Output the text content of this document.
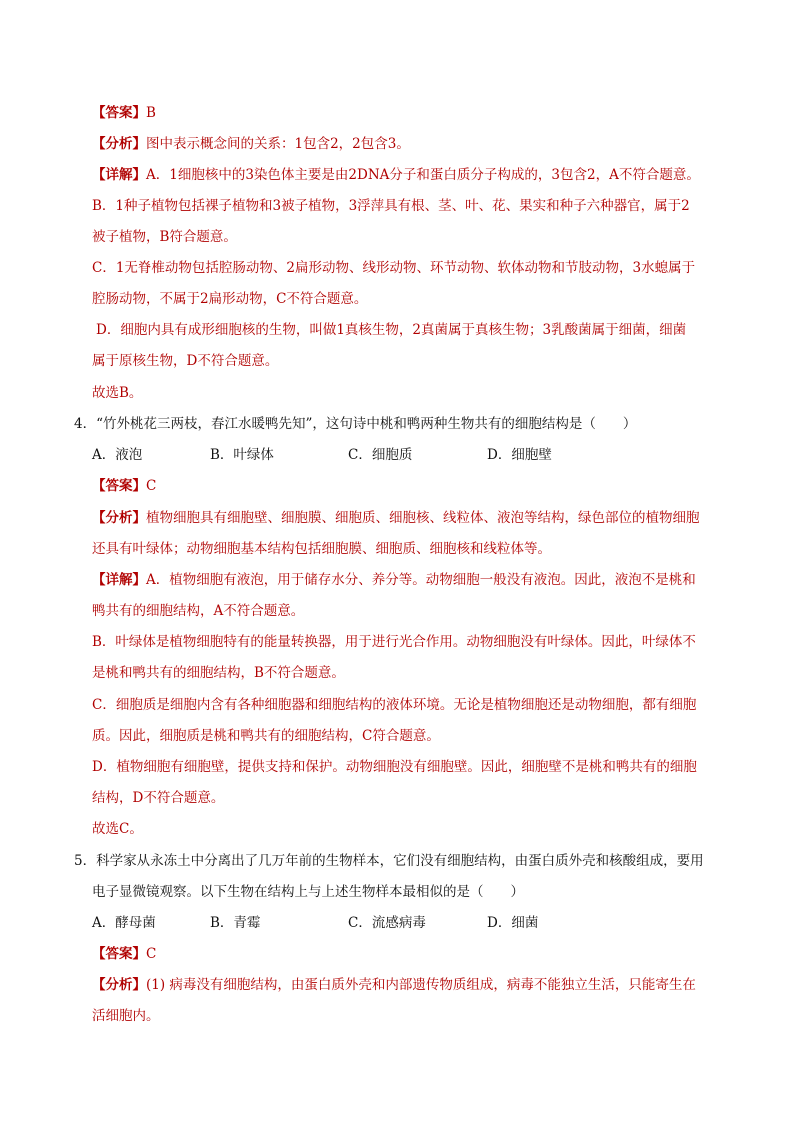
【答案】B
【分析】图中表示概念间的关系：1包含2，2包含3。
【详解】A．1细胞核中的3染色体主要是由2DNA分子和蛋白质分子构成的，3包含2，A不符合题意。
B．1种子植物包括裸子植物和3被子植物，3浮萍具有根、茎、叶、花、果实和种子六种器官，属于2
被子植物，B符合题意。
C．1无脊椎动物包括腔肠动物、2扁形动物、线形动物、环节动物、软体动物和节肢动物，3水螅属于
腔肠动物，不属于2扁形动物，C不符合题意。
D．细胞内具有成形细胞核的生物，叫做1真核生物，2真菌属于真核生物；3乳酸菌属于细菌，细菌
属于原核生物，D不符合题意。
故选B。
4．“竹外桃花三两枝，春江水暖鸭先知”，这句诗中桃和鸭两种生物共有的细胞结构是（　　）
A．液泡	B．叶绿体	C．细胞质	D．细胞壁
【答案】C
【分析】植物细胞具有细胞壁、细胞膜、细胞质、细胞核、线粒体、液泡等结构，绿色部位的植物细胞
还具有叶绿体；动物细胞基本结构包括细胞膜、细胞质、细胞核和线粒体等。
【详解】A．植物细胞有液泡，用于储存水分、养分等。动物细胞一般没有液泡。因此，液泡不是桃和
鸭共有的细胞结构，A不符合题意。
B．叶绿体是植物细胞特有的能量转换器，用于进行光合作用。动物细胞没有叶绿体。因此，叶绿体不
是桃和鸭共有的细胞结构，B不符合题意。
C．细胞质是细胞内含有各种细胞器和细胞结构的液体环境。无论是植物细胞还是动物细胞，都有细胞
质。因此，细胞质是桃和鸭共有的细胞结构，C符合题意。
D．植物细胞有细胞壁，提供支持和保护。动物细胞没有细胞壁。因此，细胞壁不是桃和鸭共有的细胞
结构，D不符合题意。
故选C。
5．科学家从永冻土中分离出了几万年前的生物样本，它们没有细胞结构，由蛋白质外壳和核酸组成，要用
电子显微镜观察。以下生物在结构上与上述生物样本最相似的是（　　）
A．酵母菌	B．青霉	C．流感病毒	D．细菌
【答案】C
【分析】(1) 病毒没有细胞结构，由蛋白质外壳和内部遗传物质组成，病毒不能独立生活，只能寄生在
活细胞内。
